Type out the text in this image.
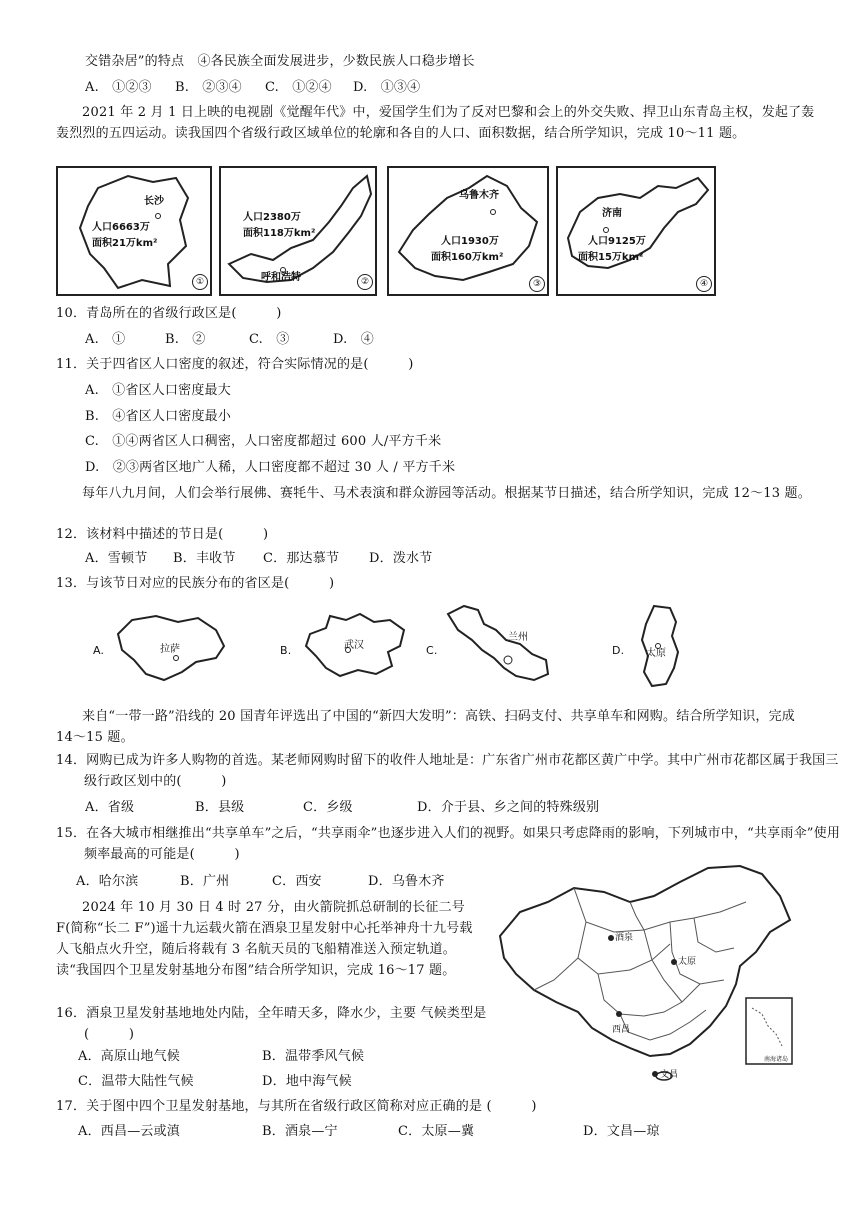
交错杂居”的特点　④各民族全面发展进步，少数民族人口稳步增长
A.　①②③ B.　②③④ C.　①②④ D.　①③④
2021 年 2 月 1 日上映的电视剧《觉醒年代》中，爱国学生们为了反对巴黎和会上的外交失败、捍卫山东青岛主权，发起了轰轰烈烈的五四运动。读我国四个省级行政区域单位的轮廓和各自的人口、面积数据，结合所学知识，完成 10～11 题。
长沙
人口6663万
面积21万km²
①
人口2380万
面积118万km²
呼和浩特	②
乌鲁木齐
人口1930万
面积160万km²
③
济南
人口9125万
面积15万km²
④
10．青岛所在的省级行政区是(　　　)
A.　①	B.　②	C.　③	D.　④
11．关于四省区人口密度的叙述，符合实际情况的是(　　　)
A.　①省区人口密度最大
B.　④省区人口密度最小
C.　①④两省区人口稠密，人口密度都超过 600 人/平方千米
D.　②③两省区地广人稀，人口密度都不超过 30 人 / 平方千米
每年八九月间，人们会举行展佛、赛牦牛、马术表演和群众游园等活动。根据某节日描述，结合所学知识，完成 12～13 题。
12．该材料中描述的节日是(　　　)
A．雪顿节 B．丰收节 C．那达慕节 D．泼水节
13．与该节日对应的民族分布的省区是(　　　)
A.	拉萨	B.	武汉	C.
兰州
D. 太原
来自“一带一路”沿线的 20 国青年评选出了中国的“新四大发明”：高铁、扫码支付、共享单车和网购。结合所学知识，完成 14～15 题。
14．网购已成为许多人购物的首选。某老师网购时留下的收件人地址是：广东省广州市花都区黄广中学。其中广州市花都区属于我国三级行政区划中的(　　　)
A．省级	B．县级	C．乡级	D．介于县、乡之间的特殊级别
15．在各大城市相继推出“共享单车”之后，“共享雨伞”也逐步进入人们的视野。如果只考虑降雨的影响，下列城市中，“共享雨伞”使用频率最高的可能是(　　　)
A．哈尔滨	B．广州	C．西安	D．乌鲁木齐
2024 年 10 月 30 日 4 时 27 分，由火箭院抓总研制的长征二号 F(简称“长二 F”)遥十九运载火箭在酒泉卫星发射中心托举神舟十九号载人飞船点火升空，随后将载有 3 名航天员的飞船精准送入预定轨道。读“我国四个卫星发射基地分布图”结合所学知识，完成 16～17 题。
16．酒泉卫星发射基地地处内陆，全年晴天多，降水少，主要 气候类型是 (　　　)
A．高原山地气候	B．温带季风气候
C．温带大陆性气候	D．地中海气候
酒泉
太原
西昌
文昌
南海诸岛
17．关于图中四个卫星发射基地，与其所在省级行政区简称对应正确的是 (　　　)
A．西昌—云或滇	B．酒泉—宁	C．太原—冀	D．文昌—琼
